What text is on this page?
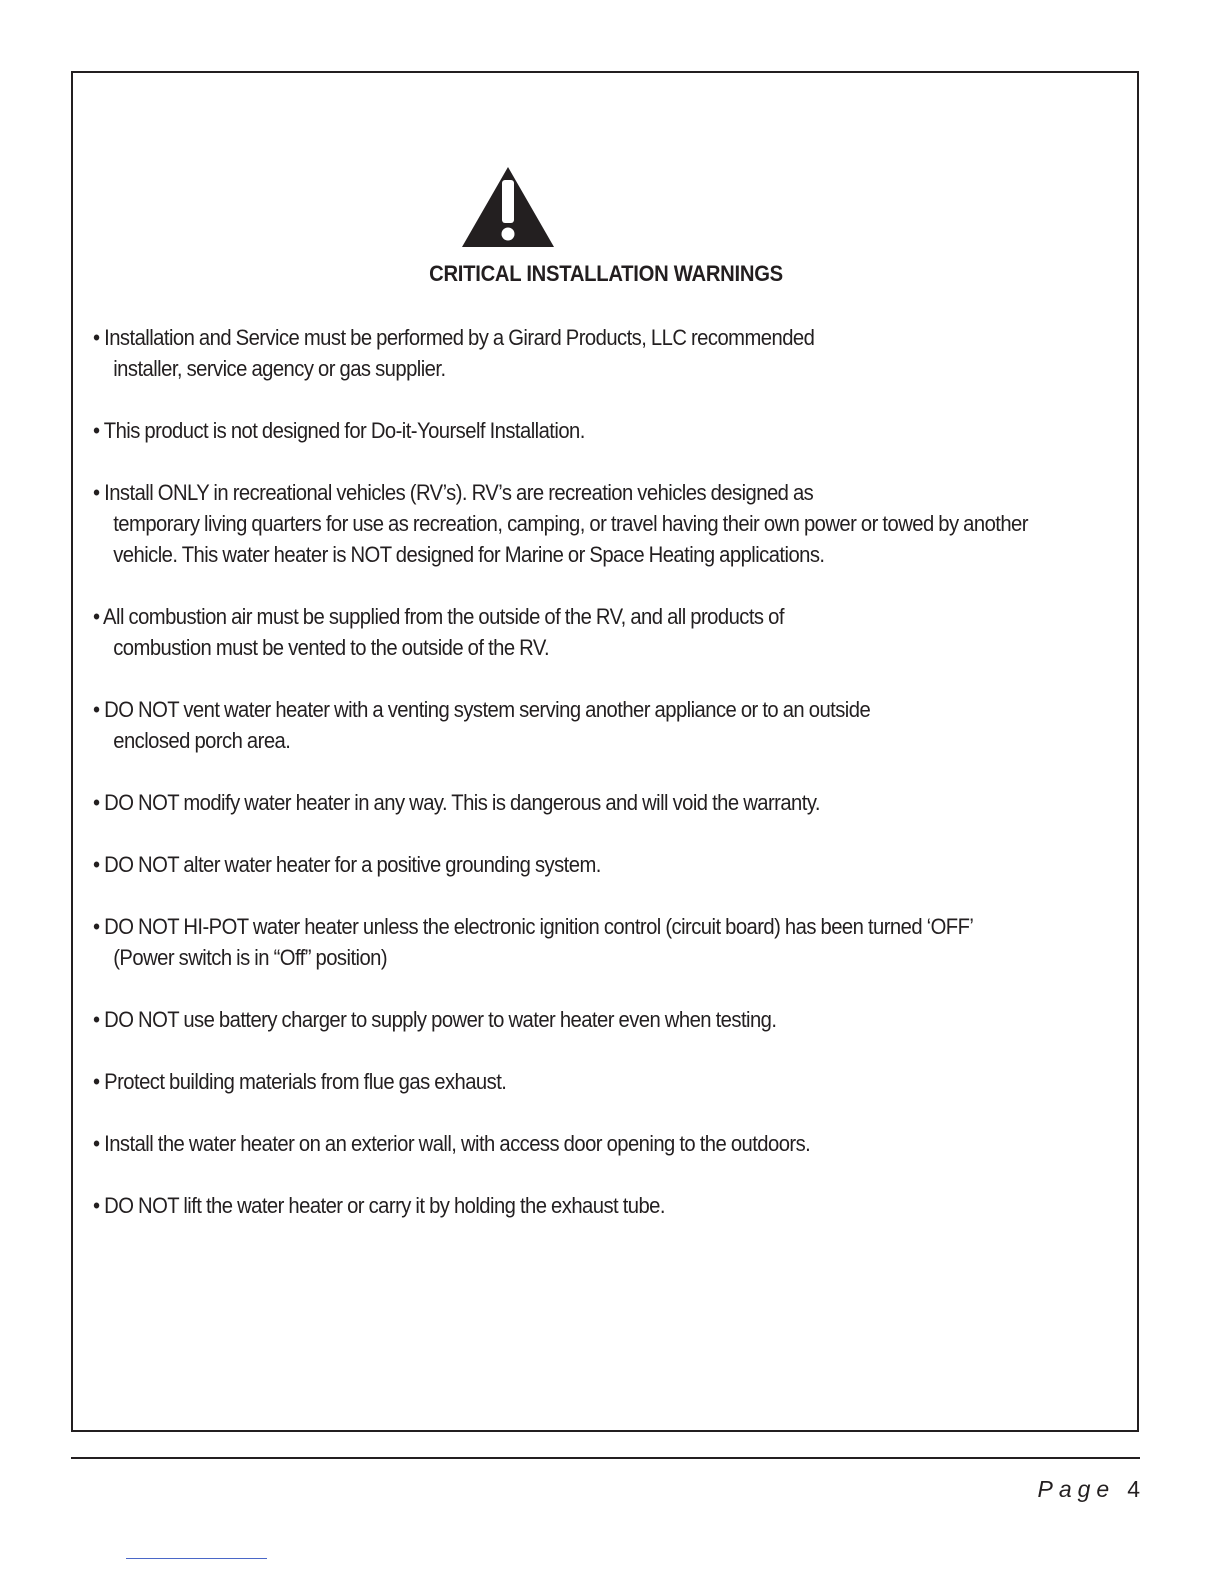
CRITICAL INSTALLATION WARNINGS
• Installation and Service must be performed by a Girard Products, LLC recommended
installer, service agency or gas supplier.
• This product is not designed for Do-it-Yourself Installation.
• Install ONLY in recreational vehicles (RV’s). RV’s are recreation vehicles designed as
temporary living quarters for use as recreation, camping, or travel having their own power or towed by another
vehicle. This water heater is NOT designed for Marine or Space Heating applications.
• All combustion air must be supplied from the outside of the RV, and all products of
combustion must be vented to the outside of the RV.
• DO NOT vent water heater with a venting system serving another appliance or to an outside
enclosed porch area.
• DO NOT modify water heater in any way. This is dangerous and will void the warranty.
• DO NOT alter water heater for a positive grounding system.
• DO NOT HI-POT water heater unless the electronic ignition control (circuit board) has been turned ‘OFF’
(Power switch is in “Off” position)
• DO NOT use battery charger to supply power to water heater even when testing.
• Protect building materials from flue gas exhaust.
• Install the water heater on an exterior wall, with access door opening to the outdoors.
• DO NOT lift the water heater or carry it by holding the exhaust tube.
Page 4
